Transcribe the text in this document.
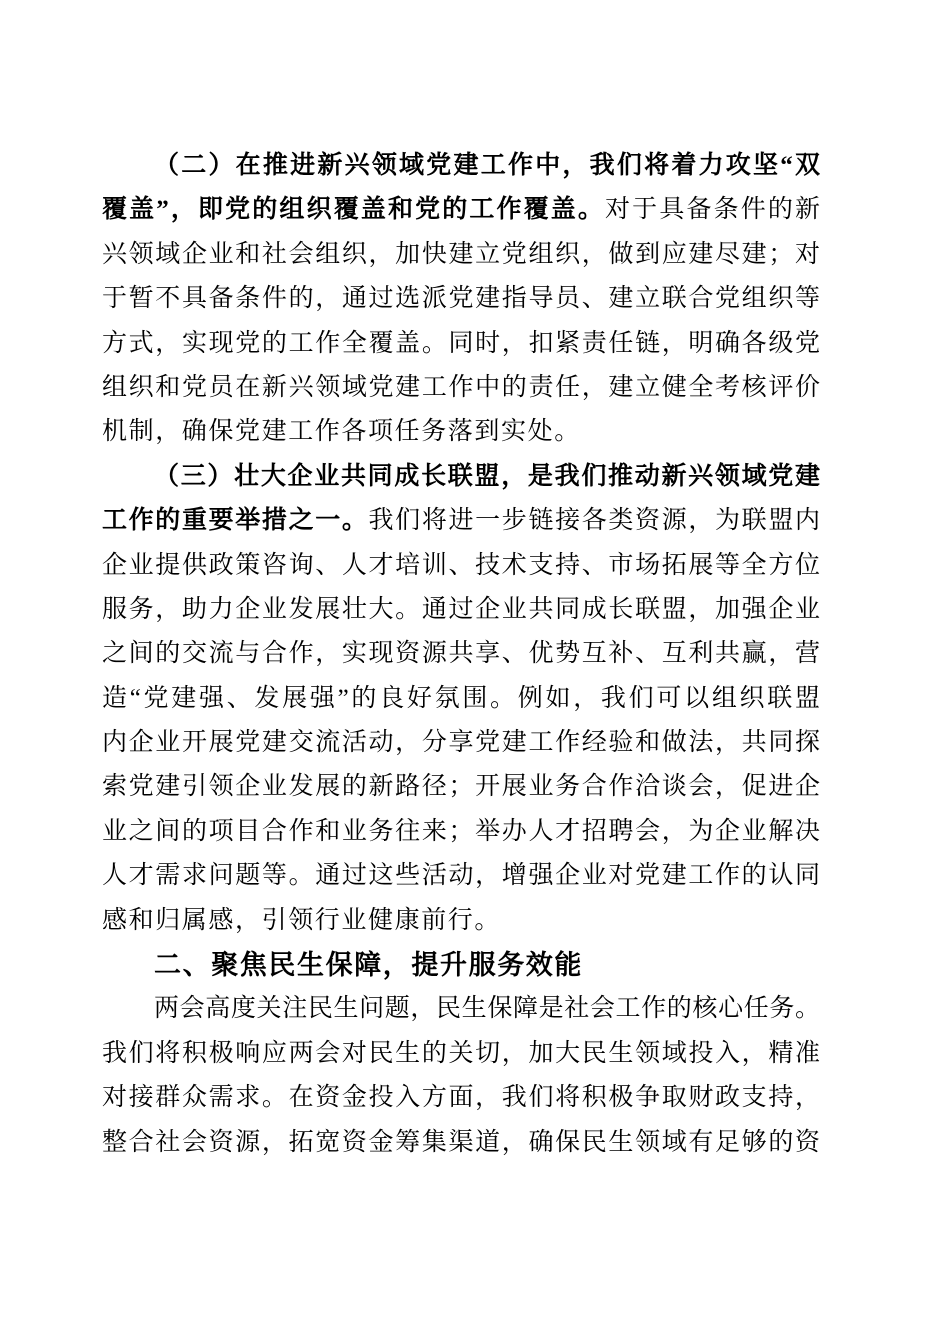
（二）在推进新兴领域党建工作中，我们将着力攻坚“双
覆盖”，即党的组织覆盖和党的工作覆盖。对于具备条件的新
兴领域企业和社会组织，加快建立党组织，做到应建尽建；对
于暂不具备条件的，通过选派党建指导员、建立联合党组织等
方式，实现党的工作全覆盖。同时，扣紧责任链，明确各级党
组织和党员在新兴领域党建工作中的责任，建立健全考核评价
机制，确保党建工作各项任务落到实处。
（三）壮大企业共同成长联盟，是我们推动新兴领域党建
工作的重要举措之一。我们将进一步链接各类资源，为联盟内
企业提供政策咨询、人才培训、技术支持、市场拓展等全方位
服务，助力企业发展壮大。通过企业共同成长联盟，加强企业
之间的交流与合作，实现资源共享、优势互补、互利共赢，营
造“党建强、发展强”的良好氛围。例如，我们可以组织联盟
内企业开展党建交流活动，分享党建工作经验和做法，共同探
索党建引领企业发展的新路径；开展业务合作洽谈会，促进企
业之间的项目合作和业务往来；举办人才招聘会，为企业解决
人才需求问题等。通过这些活动，增强企业对党建工作的认同
感和归属感，引领行业健康前行。
二、聚焦民生保障，提升服务效能
两会高度关注民生问题，民生保障是社会工作的核心任务。
我们将积极响应两会对民生的关切，加大民生领域投入，精准
对接群众需求。在资金投入方面，我们将积极争取财政支持，
整合社会资源，拓宽资金筹集渠道，确保民生领域有足够的资
